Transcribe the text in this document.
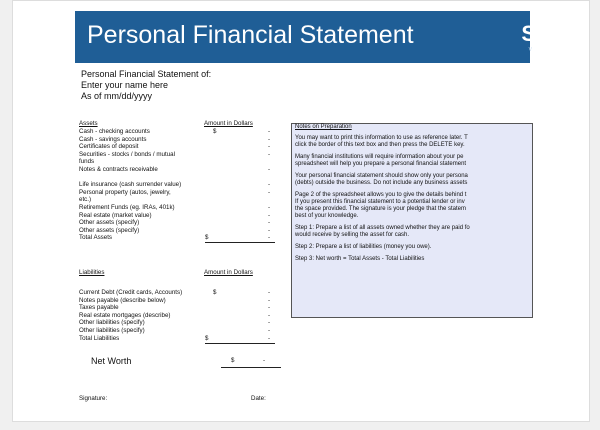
Personal Financial Statement	S
V
Personal Financial Statement of:
Enter your name here
As of mm/dd/yyyy
Assets	Amount in Dollars
Cash - checking accounts	$	-
Cash - savings accounts	-
Certificates of deposit	-
Securities - stocks / bonds / mutual	-
funds
Notes & contracts receivable	-
Life insurance (cash surrender value)	-
Personal property (autos, jewelry,	-
etc.)
Retirement Funds (eg. IRAs, 401k)	-
Real estate (market value)	-
Other assets (specify)	-
Other assets (specify)	-
Total Assets	$	-
Liabilities	Amount in Dollars
Current Debt (Credit cards, Accounts)	$	-
Notes payable (describe below)	-
Taxes payable	-
Real estate mortgages (describe)	-
Other liabilities (specify)	-
Other liabilities (specify)	-
Total Liabilities	$	-

Notes on Preparation

You may want to print this information to use as reference later. T
click the border of this text box and then press the DELETE key.
Many financial institutions will require information about your pe
spreadsheet will help you prepare a personal financial statement
Your personal financial statement should show only your persona
(debts) outside the business. Do not include any business assets
Page 2 of the spreadsheet allows you to give the details behind t
If you present this financial statement to a potential lender or inv
the space provided. The signature is your pledge that the statem
best of your knowledge.
Step 1: Prepare a list of all assets owned whether they are paid fo
would receive by selling the asset for cash.
Step 2: Prepare a list of liabilities (money you owe).
Step 3: Net worth = Total Assets - Total Liabilities
Net Worth	$	-
Signature:	Date:
